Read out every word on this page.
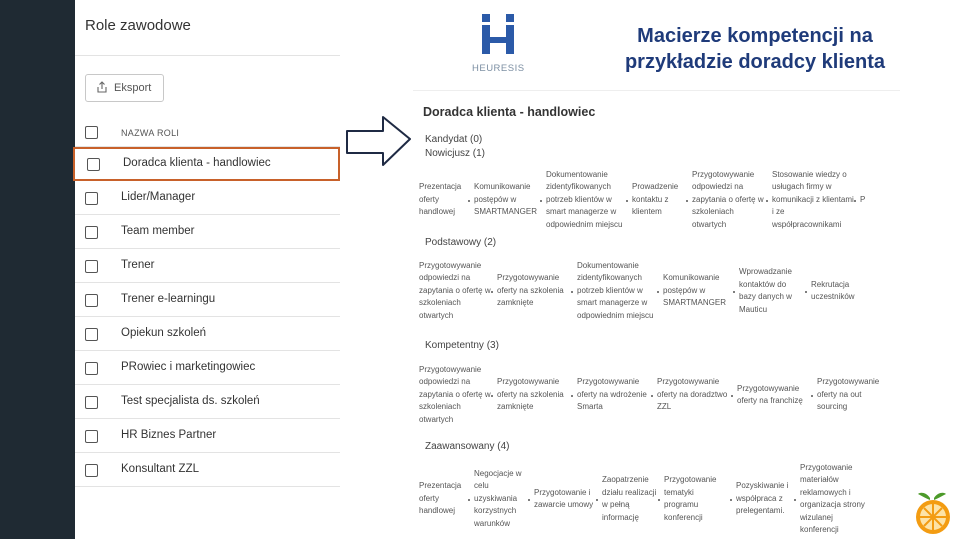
Role zawodowe
Eksport
NAZWA ROLI
Doradca klienta - handlowiec
Lider/Manager
Team member
Trener
Trener e-learningu
Opiekun szkoleń
PRowiec i marketingowiec
Test specjalista ds. szkoleń
HR Biznes Partner
Konsultant ZZL
HEURESIS
Macierze kompetencji na
przykładzie doradcy klienta
Doradca klienta - handlowiec
Kandydat (0)
Nowicjusz (1)
Prezentacja oferty handlowej
Komunikowanie postępów w SMARTMANGER
Dokumentowanie zidentyfikowanych potrzeb klientów w smart managerze w odpowiednim miejscu
Prowadzenie kontaktu z klientem
Przygotowywanie odpowiedzi na zapytania o ofertę w szkoleniach otwartych
Stosowanie wiedzy o usługach firmy w komunikacji z klientami i ze współpracownikami
P
Podstawowy (2)
Przygotowywanie odpowiedzi na zapytania o ofertę w szkoleniach otwartych
Przygotowywanie oferty na szkolenia zamknięte
Dokumentowanie zidentyfikowanych potrzeb klientów w smart managerze w odpowiednim miejscu
Komunikowanie postępów w SMARTMANGER
Wprowadzanie kontaktów do bazy danych w Mauticu
Rekrutacja uczestników
Kompetentny (3)
Przygotowywanie odpowiedzi na zapytania o ofertę w szkoleniach otwartych
Przygotowywanie oferty na szkolenia zamknięte
Przygotowywanie oferty na wdrożenie Smarta
Przygotowywanie oferty na doradztwo ZZL
Przygotowywanie oferty na franchizę
Przygotowywanie oferty na out sourcing
Zaawansowany (4)
Prezentacja oferty handlowej
Negocjacje w celu uzyskiwania korzystnych warunków
Przygotowanie i zawarcie umowy
Zaopatrzenie działu realizacji w pełną informację
Przygotowanie tematyki programu konferencji
Pozyskiwanie i współpraca z prelegentami.
Przygotowanie materiałów reklamowych i organizacja strony wizulanej konferencji
